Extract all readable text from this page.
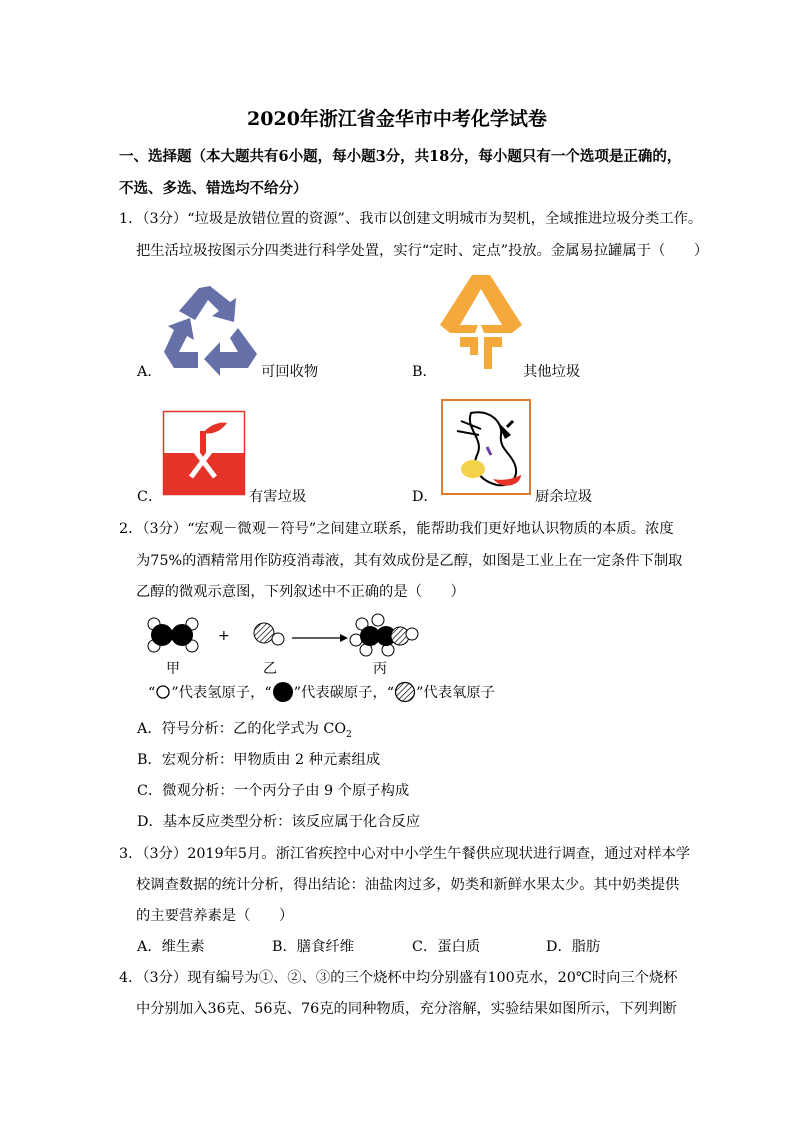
2020年浙江省金华市中考化学试卷
一、选择题（本大题共有6小题，每小题3分，共18分，每小题只有一个选项是正确的，
不选、多选、错选均不给分）
1．（3分）“垃圾是放错位置的资源”、我市以创建文明城市为契机，全域推进垃圾分类工作。
把生活垃圾按图示分四类进行科学处置，实行“定时、定点”投放。金属易拉罐属于（　　）
A．	可回收物	B．	其他垃圾
C．	有害垃圾	D．	厨余垃圾
2．（3分）“宏观－微观－符号”之间建立联系，能帮助我们更好地认识物质的本质。浓度
为75%的酒精常用作防疫消毒液，其有效成份是乙醇，如图是工业上在一定条件下制取
乙醇的微观示意图，下列叙述中不正确的是（　　）
+
甲	乙	丙
“ ”代表氢原子，“ ”代表碳原子，“ ”代表氧原子
A．符号分析：乙的化学式为 $CO_2$
B．宏观分析：甲物质由 2 种元素组成
C．微观分析：一个丙分子由 9 个原子构成
D．基本反应类型分析：该反应属于化合反应
3．（3分）2019年5月。浙江省疾控中心对中小学生午餐供应现状进行调查，通过对样本学
校调查数据的统计分析，得出结论：油盐肉过多，奶类和新鲜水果太少。其中奶类提供
的主要营养素是（　　）
A．维生素	B．膳食纤维	C．蛋白质	D．脂肪
4．（3分）现有编号为①、②、③的三个烧杯中均分别盛有100克水，20℃时向三个烧杯
中分别加入36克、56克、76克的同种物质，充分溶解，实验结果如图所示，下列判断
